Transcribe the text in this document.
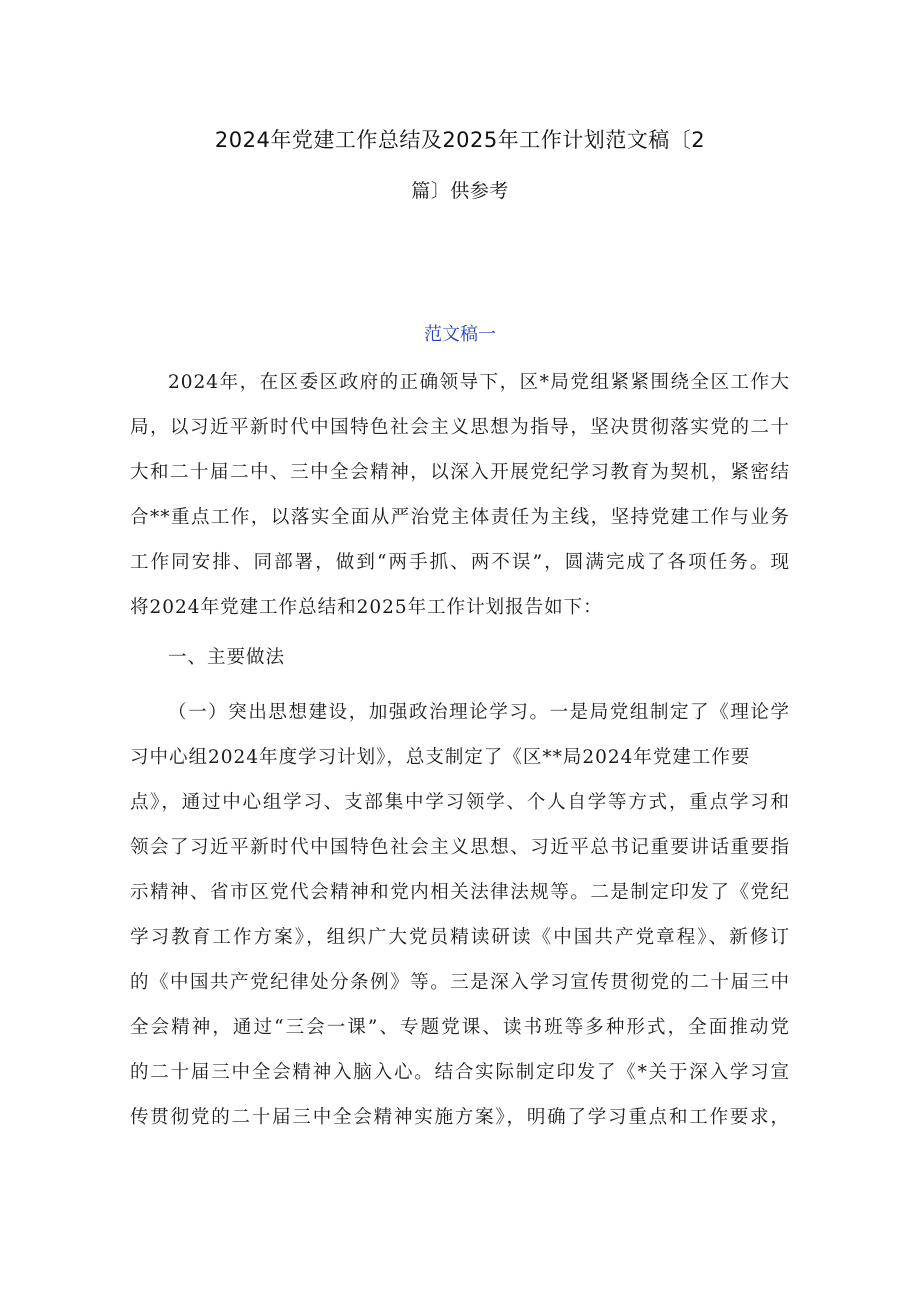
2024年党建工作总结及2025年工作计划范文稿〔2
篇〕供参考
范文稿一
2024年，在区委区政府的正确领导下，区*局党组紧紧围绕全区工作大
局，以习近平新时代中国特色社会主义思想为指导，坚决贯彻落实党的二十
大和二十届二中、三中全会精神，以深入开展党纪学习教育为契机，紧密结
合**重点工作，以落实全面从严治党主体责任为主线，坚持党建工作与业务
工作同安排、同部署，做到“两手抓、两不误”，圆满完成了各项任务。现
将2024年党建工作总结和2025年工作计划报告如下：
一、主要做法
（一）突出思想建设，加强政治理论学习。一是局党组制定了《理论学
习中心组2024年度学习计划》，总支制定了《区**局2024年党建工作要
点》，通过中心组学习、支部集中学习领学、个人自学等方式，重点学习和
领会了习近平新时代中国特色社会主义思想、习近平总书记重要讲话重要指
示精神、省市区党代会精神和党内相关法律法规等。二是制定印发了《党纪
学习教育工作方案》，组织广大党员精读研读《中国共产党章程》、新修订
的《中国共产党纪律处分条例》等。三是深入学习宣传贯彻党的二十届三中
全会精神，通过“三会一课”、专题党课、读书班等多种形式，全面推动党
的二十届三中全会精神入脑入心。结合实际制定印发了《*关于深入学习宣
传贯彻党的二十届三中全会精神实施方案》，明确了学习重点和工作要求，
